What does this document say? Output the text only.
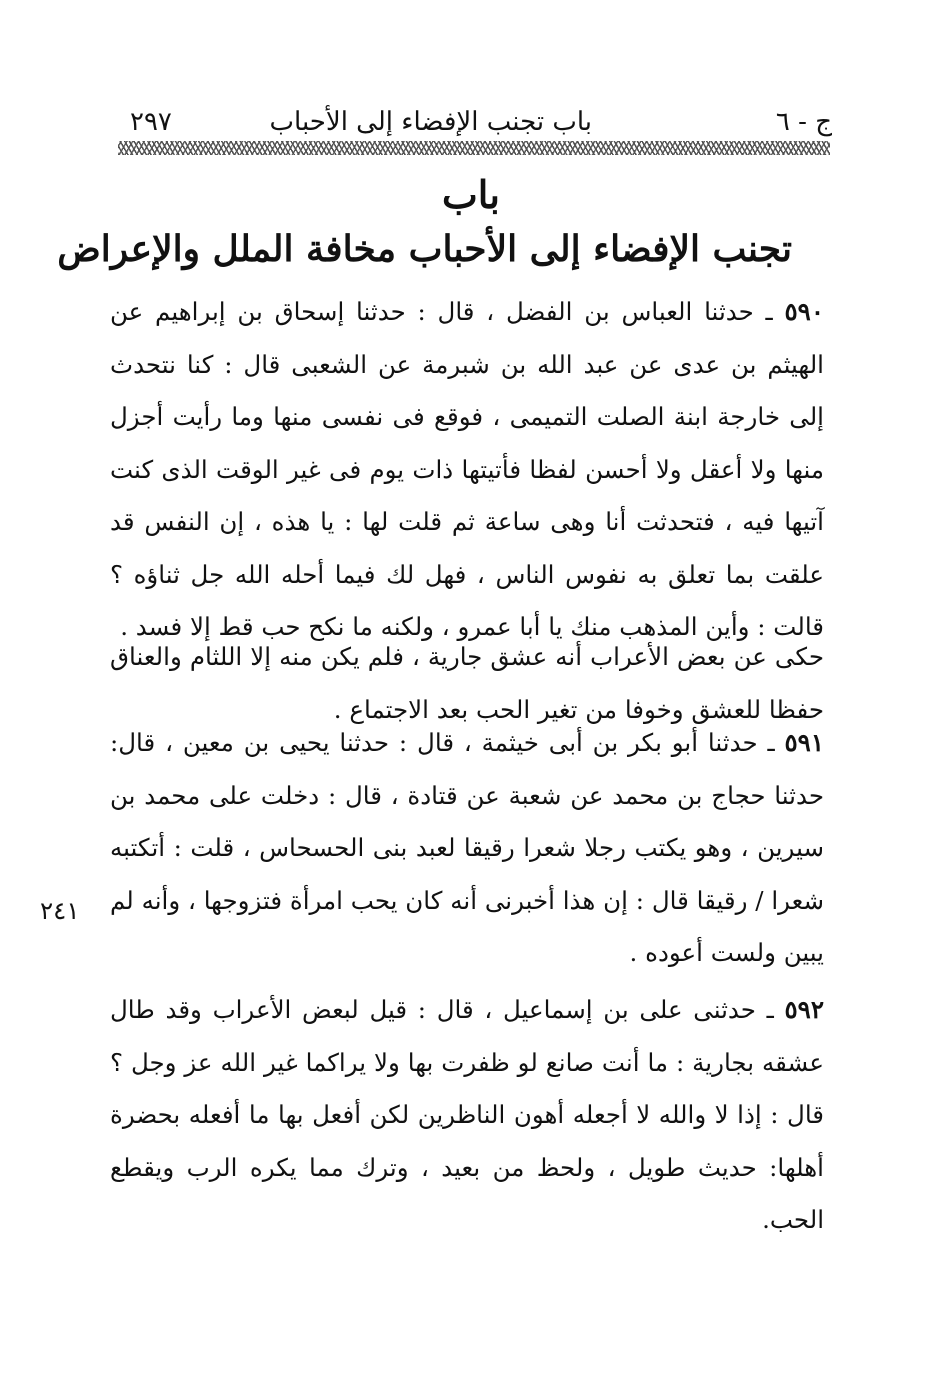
ج - ٦
باب تجنب الإفضاء إلى الأحباب
٢٩٧
باب
تجنب الإفضاء إلى الأحباب مخافة الملل والإعراض
٥٩٠ ـ حدثنا العباس بن الفضل ، قال : حدثنا إسحاق بن إبراهيم عن الهيثم بن عدى عن عبد الله بن شبرمة عن الشعبى قال : كنا نتحدث إلى خارجة ابنة الصلت التميمى ، فوقع فى نفسى منها وما رأيت أجزل منها ولا أعقل ولا أحسن لفظا فأتيتها ذات يوم فى غير الوقت الذى كنت آتيها فيه ، فتحدثت أنا وهى ساعة ثم قلت لها : يا هذه ، إن النفس قد علقت بما تعلق به نفوس الناس ، فهل لك فيما أحله الله جل ثناؤه ؟ قالت : وأين المذهب منك يا أبا عمرو ، ولكنه ما نكح حب قط إلا فسد .
حكى عن بعض الأعراب أنه عشق جارية ، فلم يكن منه إلا اللثام والعناق حفظا للعشق وخوفا من تغير الحب بعد الاجتماع .
٥٩١ ـ حدثنا أبو بكر بن أبى خيثمة ، قال : حدثنا يحيى بن معين ، قال: حدثنا حجاج بن محمد عن شعبة عن قتادة ، قال : دخلت على محمد بن سيرين ، وهو يكتب رجلا شعرا رقيقا لعبد بنى الحسحاس ، قلت : أتكتبه شعرا / رقيقا قال : إن هذا أخبرنى أنه كان يحب امرأة فتزوجها ، وأنه لم يبين ولست أعوده .
٢٤١
٥٩٢ ـ حدثنى على بن إسماعيل ، قال : قيل لبعض الأعراب وقد طال عشقه بجارية : ما أنت صانع لو ظفرت بها ولا يراكما غير الله عز وجل ؟ قال : إذا لا والله لا أجعله أهون الناظرين لكن أفعل بها ما أفعله بحضرة أهلها: حديث طويل ، ولحظ من بعيد ، وترك مما يكره الرب ويقطع الحب.
